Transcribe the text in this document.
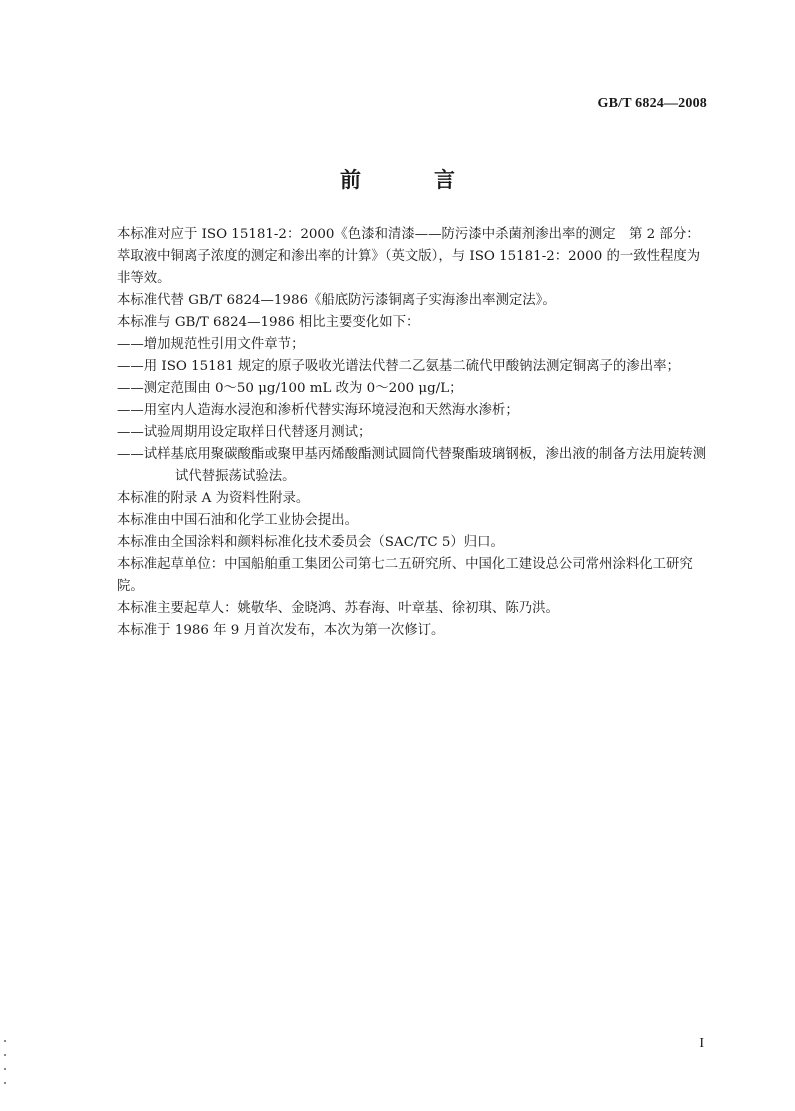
GB/T 6824—2008
前　言

本标准对应于 ISO 15181-2：2000《色漆和清漆——防污漆中杀菌剂渗出率的测定　第 2 部分：萃取液中铜离子浓度的测定和渗出率的计算》（英文版），与 ISO 15181-2：2000 的一致性程度为非等效。

本标准代替 GB/T 6824—1986《船底防污漆铜离子实海渗出率测定法》。

本标准与 GB/T 6824—1986 相比主要变化如下：

——增加规范性引用文件章节；

——用 ISO 15181 规定的原子吸收光谱法代替二乙氨基二硫代甲酸钠法测定铜离子的渗出率；

——测定范围由 0～50 μg/100 mL 改为 0～200 μg/L；

——用室内人造海水浸泡和渗析代替实海环境浸泡和天然海水渗析；

——试验周期用设定取样日代替逐月测试；

——试样基底用聚碳酸酯或聚甲基丙烯酸酯测试圆筒代替聚酯玻璃钢板，渗出液的制备方法用旋转测试代替振荡试验法。

本标准的附录 A 为资料性附录。

本标准由中国石油和化学工业协会提出。

本标准由全国涂料和颜料标准化技术委员会（SAC/TC 5）归口。

本标准起草单位：中国船舶重工集团公司第七二五研究所、中国化工建设总公司常州涂料化工研究院。

本标准主要起草人：姚敬华、金晓鸿、苏春海、叶章基、徐初琪、陈乃洪。

本标准于 1986 年 9 月首次发布，本次为第一次修订。

I
